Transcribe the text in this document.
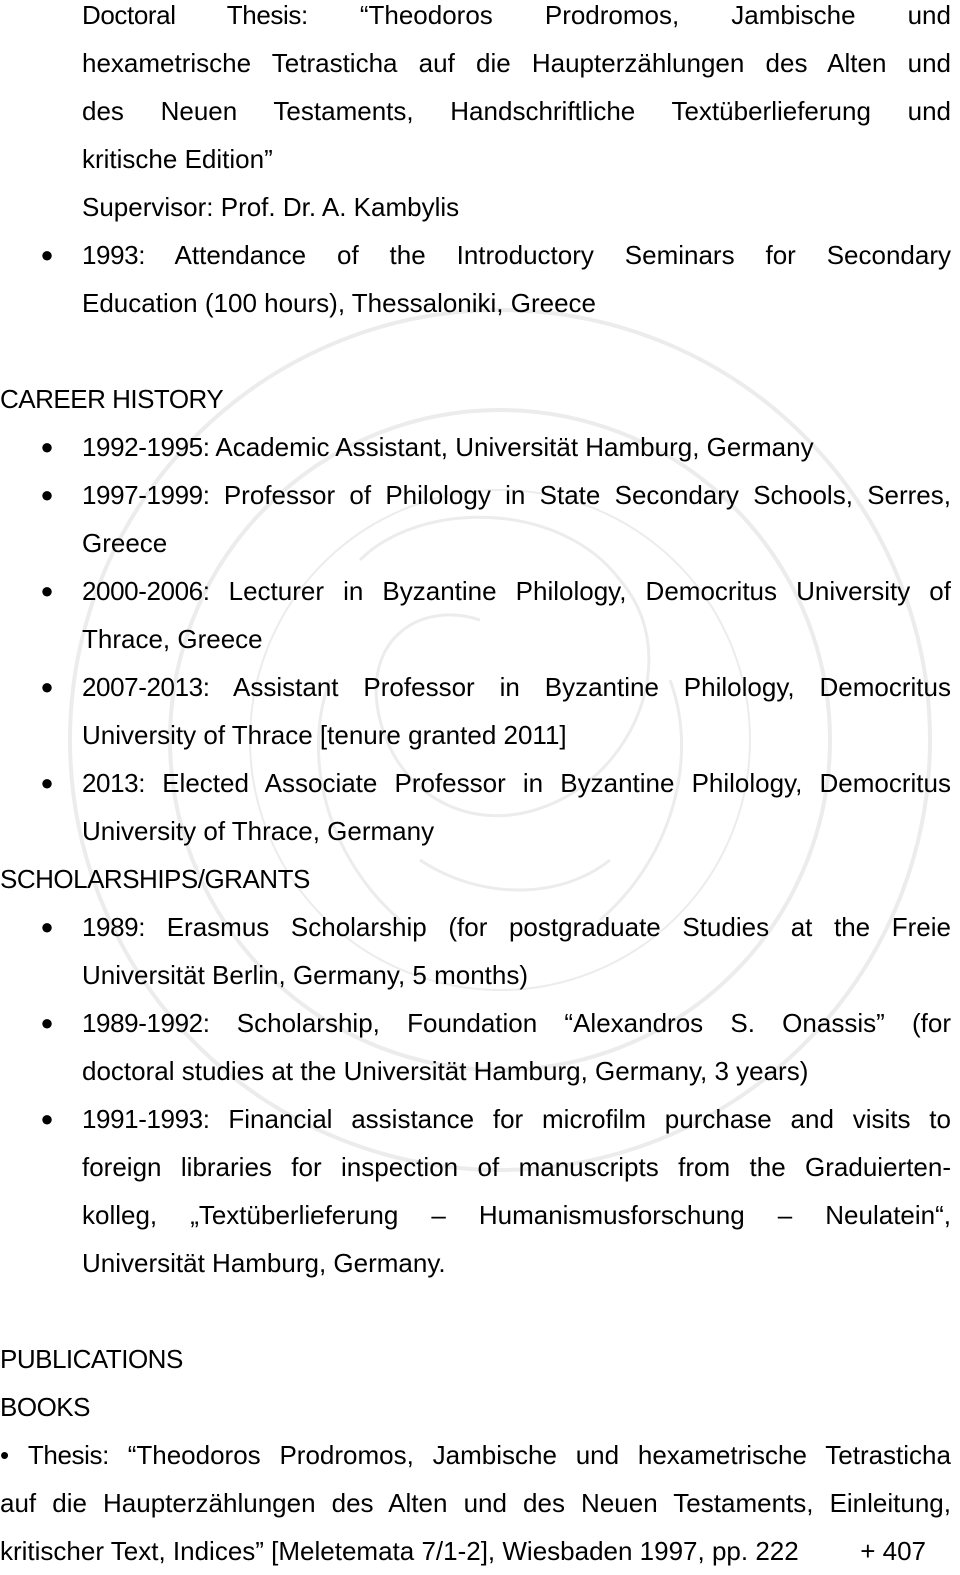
Doctoral Thesis: “Theodoros Prodromos, Jambische und
hexametrische Tetrasticha auf die Haupterzählungen des Alten und
des Neuen Testaments, Handschriftliche Textüberlieferung und
kritische Edition”
Supervisor: Prof. Dr. A. Kambylis
● 1993: Attendance of the Introductory Seminars for Secondary
Education (100 hours), Thessaloniki, Greece
CAREER HISTORY
● 1992-1995: Academic Assistant, Universität Hamburg, Germany
● 1997-1999: Professor of Philology in State Secondary Schools, Serres,
Greece
● 2000-2006: Lecturer in Byzantine Philology, Democritus University of
Thrace, Greece
● 2007-2013: Assistant Professor in Byzantine Philology, Democritus
University of Thrace [tenure granted 2011]
● 2013: Elected Associate Professor in Byzantine Philology, Democritus
University of Thrace, Germany
SCHOLARSHIPS/GRANTS
● 1989: Erasmus Scholarship (for postgraduate Studies at the Freie
Universität Berlin, Germany, 5 months)
● 1989-1992: Scholarship, Foundation “Alexandros S. Onassis” (for
doctoral studies at the Universität Hamburg, Germany, 3 years)
● 1991-1993: Financial assistance for microfilm purchase and visits to
foreign libraries for inspection of manuscripts from the Graduierten-
kolleg, „Textüberlieferung – Humanismusforschung – Neulatein“,
Universität Hamburg, Germany.
PUBLICATIONS
BOOKS
• Thesis: “Theodoros Prodromos, Jambische und hexametrische Tetrasticha
auf die Haupterzählungen des Alten und des Neuen Testaments, Einleitung,
kritischer Text, Indices” [Meletemata 7/1-2], Wiesbaden 1997, pp. 222 + 407
